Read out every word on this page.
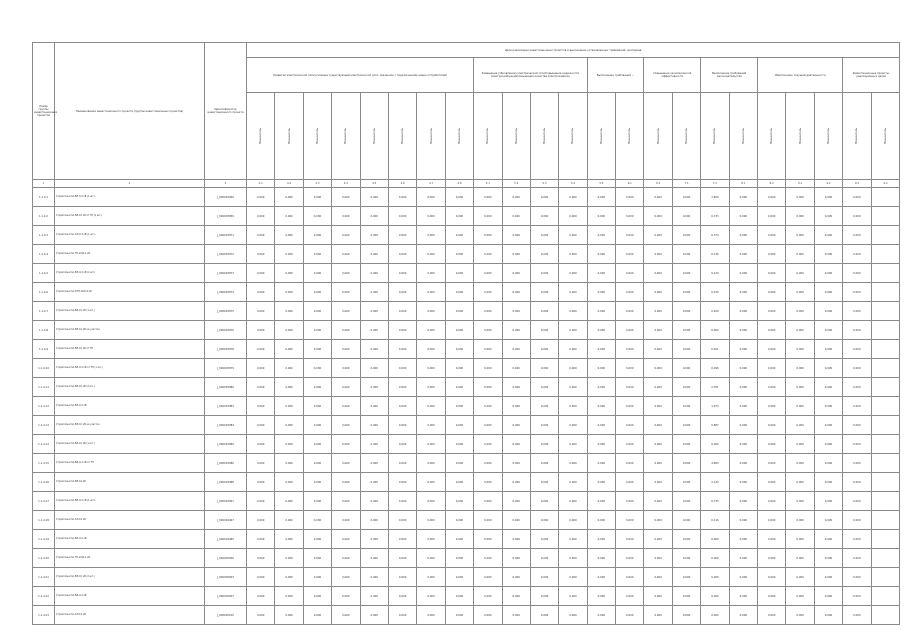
Номер группы инвестиционных проектов	Наименование инвестиционного проекта (группы инвестиционных проектов)	Идентификатор инвестиционного проекта	Цели реализации инвестиционных проектов и выполнение установленных требований, критериев																						

			Развитие электрической сети/усиление существующей электрической сети, связанное с подключением новых потребителей								Замещение (обновление) электрической сети/повышение надежности электроснабжения/повышение качества электроэнергии				Выполнение требований ...		Повышение экономической эффективности		Выполнение требований законодательства		Обеспечение текущей деятельности			Инвестиционные проекты, реализуемые в целях	

			Показатель	Показатель	Показатель	Показатель	Показатель	Показатель	Показатель	Показатель	Показатель	Показатель	Показатель	Показатель	Показатель	Показатель	Показатель	Показатель	Показатель	Показатель	Показатель	Показатель	Показатель	Показатель	Показатель
1	2	3	4.1	4.2	4.3	4.4	4.5	4.6	4.7	4.8	5.1	5.2	5.3	5.4	5.5	6.1	6.2	7.1	7.2	8.1	8.2	9.1	9.2	9.3	9.4
1.1.4.1	Строительство ВЛ 0,4 кВ (1 шт.)	J_000003940	0,000	0,000	0,000	0,000	0,000	0,000	0,000	0,000	0,000	0,000	0,000	0,000	0,000	0,000	0,000	0,000	1,650	0,000	0,000	0,000	0,000	0,000	
1.1.4.2	Строительство ВЛ-10 кВ от ТП (1 шт.)	J_000003959	0,000	0,000	0,000	0,000	0,000	0,000	0,000	0,000	0,000	0,000	0,000	0,000	0,000	0,000	0,000	0,000	0,733	0,000	0,000	0,000	0,000	0,000	
1.1.4.3	Строительство КЛ-0,4 кВ (1 шт.)	J_000003971	0,000	0,000	0,000	0,000	0,000	0,000	0,000	0,000	0,000	0,000	0,000	0,000	0,000	0,000	0,000	0,000	0,374	0,000	0,000	0,000	0,000	0,000	
1.1.4.4	Строительство ТП-10/0,4 кВ	J_000003972	0,000	0,000	0,000	0,000	0,000	0,000	0,000	0,000	0,000	0,000	0,000	0,000	0,000	0,000	0,000	0,000	0,130	0,000	0,000	0,000	0,000	0,000	
1.1.4.5	Строительство ВЛ-0,4 кВ (2 шт.)	J_000003973	0,000	0,000	0,000	0,000	0,000	0,000	0,000	0,000	0,000	0,000	0,000	0,000	0,000	0,000	0,000	0,000	0,143	0,000	0,000	0,000	0,000	0,000	
1.1.4.6	Строительство КТП-10/0,4 кВ	J_000003974	0,000	0,000	0,000	0,000	0,000	0,000	0,000	0,000	0,000	0,000	0,000	0,000	0,000	0,000	0,000	0,000	0,070	0,000	0,000	0,000	0,000	0,000	
1.1.4.7	Строительство ВЛ-10 кВ (1 шт.)	J_000003975	0,000	0,000	0,000	0,000	0,000	0,000	0,000	0,000	0,000	0,000	0,000	0,000	0,000	0,000	0,000	0,000	0,209	0,000	0,000	0,000	0,000	0,000	
1.1.4.8	Строительство ВЛ-10 кВ на участке	J_000003976	0,000	0,000	0,000	0,000	0,000	0,000	0,000	0,000	0,000	0,000	0,000	0,000	0,000	0,000	0,000	0,000	0,000	0,000	0,000	0,000	0,000	0,000	
1.1.4.9	Строительство ВЛ-10 кВ от ТП	J_000003978	0,000	0,000	0,000	0,000	0,000	0,000	0,000	0,000	0,000	0,000	0,000	0,000	0,000	0,000	0,000	0,000	0,021	0,000	0,000	0,000	0,000	0,000	
1.1.4.10	Строительство ВЛ-0,4 кВ от ТП (1 шт.)	J_000003979	0,000	0,000	0,000	0,000	0,000	0,000	0,000	0,000	0,000	0,000	0,000	0,000	0,000	0,000	0,000	0,000	0,096	0,000	0,000	0,000	0,000	0,000	
1.1.4.11	Строительство ВЛ-10 кВ (2 шт.)	J_000003980	0,000	0,000	0,000	0,000	0,000	0,000	0,000	0,000	0,000	0,000	0,000	0,000	0,000	0,000	0,000	0,000	2,351	0,000	0,000	0,000	0,000	0,000	
1.1.4.12	Строительство ВЛ-0,4 кВ	J_000003983	0,000	0,000	0,000	0,000	0,000	0,000	0,000	0,000	0,000	0,000	0,000	0,000	0,000	0,000	0,000	0,000	1,973	0,000	0,000	0,000	0,000	0,000	
1.1.4.13	Строительство ВЛ-10 кВ на участке	J_000003984	0,000	0,000	0,000	0,000	0,000	0,000	0,000	0,000	0,000	0,000	0,000	0,000	0,000	0,000	0,000	0,000	0,887	0,000	0,000	0,000	0,000	0,000	
1.1.4.14	Строительство ВЛ-10 кВ (1 шт.)	J_000003985	0,000	0,000	0,000	0,000	0,000	0,000	0,000	0,000	0,000	0,000	0,000	0,000	0,000	0,000	0,000	0,000	0,000	0,000	0,000	0,000	0,000	0,000	
1.1.4.15	Строительство ВЛ-0,4 кВ от ТП	J_000003986	0,000	0,000	0,000	0,000	0,000	0,000	0,000	0,000	0,000	0,000	0,000	0,000	0,000	0,000	0,000	0,000	4,863	0,000	0,000	0,000	0,000	0,000	
1.1.4.16	Строительство ВЛ-10 кВ	J_000003988	0,000	0,000	0,000	0,000	0,000	0,000	0,000	0,000	0,000	0,000	0,000	0,000	0,000	0,000	0,000	0,000	2,143	0,000	0,000	0,000	0,000	0,000	
1.1.4.17	Строительство ВЛ-0,4 кВ (1 шт.)	J_000003991	0,000	0,000	0,000	0,000	0,000	0,000	0,000	0,000	0,000	0,000	0,000	0,000	0,000	0,000	0,000	0,000	0,733	0,000	0,000	0,000	0,000	0,000	
1.1.4.18	Строительство КЛ-10 кВ	J_000004467	0,000	0,000	0,000	0,000	0,000	0,000	0,000	0,000	0,000	0,000	0,000	0,000	0,000	0,000	0,000	0,000	0,116	0,000	0,000	0,000	0,000	0,000	
1.1.4.19	Строительство ВЛ-0,4 кВ	J_000004485	0,000	0,000	0,000	0,000	0,000	0,000	0,000	0,000	0,000	0,000	0,000	0,000	0,000	0,000	0,000	0,000	0,000	0,000	0,000	0,000	0,000	0,000	
1.1.4.20	Строительство ТП-10/0,4 кВ	J_000005000	0,000	0,000	0,000	0,000	0,000	0,000	0,000	0,000	0,000	0,000	0,000	0,000	0,000	0,000	0,000	0,000	0,000	0,000	0,000	0,000	0,000	0,000	
1.1.4.21	Строительство ВЛ-10 кВ (2 шт.)	J_000005003	0,000	0,000	0,000	0,000	0,000	0,000	0,000	0,000	0,000	0,000	0,000	0,000	0,000	0,000	0,000	0,000	0,000	0,000	0,000	0,000	0,000	0,000	
1.1.4.22	Строительство ВЛ-0,4 кВ	J_000005007	0,000	0,000	0,000	0,000	0,000	0,000	0,000	0,000	0,000	0,000	0,000	0,000	0,000	0,000	0,000	0,000	0,000	0,000	0,000	0,000	0,000	0,000	
1.1.4.23	Строительство КЛ-10 кВ	J_000005010	0,000	0,000	0,000	0,000	0,000	0,000	0,000	0,000	0,000	0,000	0,000	0,000	0,000	0,000	0,000	0,000	0,000	0,000	0,000	0,000	0,000	0,000	
